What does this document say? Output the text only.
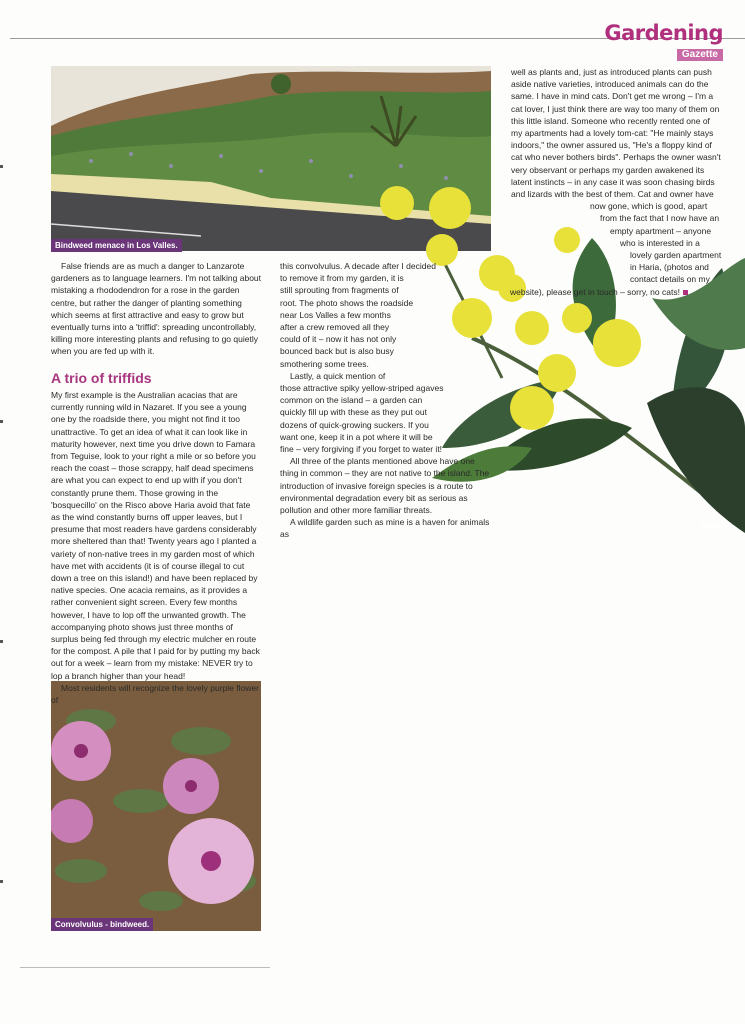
Gardening
Gazette
Bindweed menace in Los Valles.
Convolvulus - bindweed.
Acacia.

False friends are as much a danger to Lanzarote gardeners as to language learners. I'm not talking about mistaking a rhododendron for a rose in the garden centre, but rather the danger of planting something which seems at first attractive and easy to grow but eventually turns into a 'triffid': spreading uncontrollably, killing more interesting plants and refusing to go quietly when you are fed up with it.

A trio of triffids

My first example is the Australian acacias that are currently running wild in Nazaret. If you see a young one by the roadside there, you might not find it too unattractive. To get an idea of what it can look like in maturity however, next time you drive down to Famara from Teguise, look to your right a mile or so before you reach the coast – those scrappy, half dead specimens are what you can expect to end up with if you don't constantly prune them. Those growing in the 'bosquecillo' on the Risco above Haria avoid that fate as the wind constantly burns off upper leaves, but I presume that most readers have gardens considerably more sheltered than that! Twenty years ago I planted a variety of non-native trees in my garden most of which have met with accidents (it is of course illegal to cut down a tree on this island!) and have been replaced by native species. One acacia remains, as it provides a rather convenient sight screen. Every few months however, I have to lop off the unwanted growth. The accompanying photo shows just three months of surplus being fed through my electric mulcher en route for the compost. A pile that I paid for by putting my back out for a week – learn from my mistake: NEVER try to lop a branch higher than your head!

Most residents will recognize the lovely purple flower of

this convolvulus. A decade after I decided to remove it from my garden, it is still sprouting from fragments of root. The photo shows the roadside near Los Valles a few months after a crew removed all they could of it – now it has not only bounced back but is also busy smothering some trees.

Lastly, a quick mention of those attractive spiky yellow-striped agaves common on the island – a garden can quickly fill up with these as they put out dozens of quick-growing suckers. If you want one, keep it in a pot where it will be fine – very forgiving if you forget to water it!

All three of the plants mentioned above have one thing in common – they are not native to the island. The introduction of invasive foreign species is a route to environmental degradation every bit as serious as pollution and other more familiar threats.

A wildlife garden such as mine is a haven for animals as

well as plants and, just as introduced plants can push aside native varieties, introduced animals can do the same. I have in mind cats. Don't get me wrong – I'm a cat lover, I just think there are way too many of them on this little island. Someone who recently rented one of my apartments had a lovely tom-cat: "He mainly stays indoors," the owner assured us, "He's a floppy kind of cat who never bothers birds". Perhaps the owner wasn't very observant or perhaps my garden awakened its latent instincts – in any case it was soon chasing birds and lizards with the best of them. Cat and owner have now gone, which is good, apart from the fact that I now have an empty apartment – anyone who is interested in a lovely garden apartment in Haria, (photos and contact details on my website), please get in touch – sorry, no cats!
